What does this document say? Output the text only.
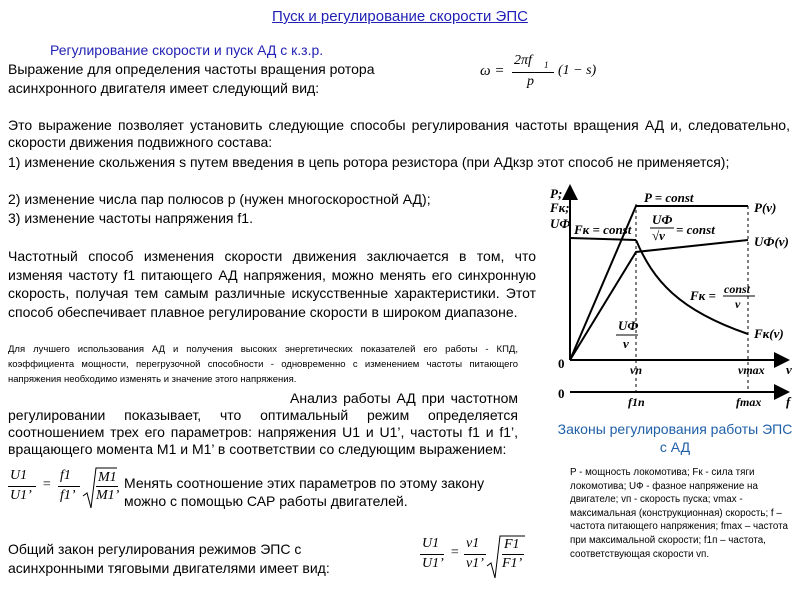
Пуск и регулирование скорости ЭПС
Регулирование скорости и пуск АД с к.з.р.
Выражение для определения частоты вращения ротора
асинхронного двигателя имеет следующий вид:
ω =
2πf 1
p
(1 − s)
Это выражение позволяет установить следующие способы регулирования частоты вращения АД и, следовательно, скорости движения подвижного состава:
1) изменение скольжения s путем введения в цепь ротора резистора (при АДкзр этот способ не применяется);
2) изменение числа пар полюсов p (нужен многоскоростной АД);
3) изменение частоты напряжения f1.
Частотный способ изменения скорости движения заключается в том, что изменяя частоту f1 питающего АД напряжения, можно менять его синхронную скорость, получая тем самым различные искусственные характеристики. Этот способ обеспечивает плавное регулирование скорости в широком диапазоне.
Для лучшего использования АД и получения высоких энергетических показателей его работы - КПД, коэффициента мощности, перегрузочной способности - одновременно с изменением частоты питающего напряжения необходимо изменять и значение этого напряжения.
Анализ работы АД при частотном регулировании показывает, что оптимальный режим определяется соотношением трех его параметров: напряжения U1 и U1’, частоты f1 и f1’, вращающего момента M1 и M1’ в соответствии со следующим выражением:
U1
U1’
=
f1
f1’
M1
M1’
Менять соотношение этих параметров по этому закону можно с помощью САР работы двигателей.
Общий закон регулирования режимов ЭПС с
асинхронными тяговыми двигателями имеет вид:
U1
U1’
=
v1
v1’
F1
F1’
P;
Fк;
UФ
P = const
P(v)
Fк = const
UФ
√v = const
UФ(v)
Fк = const
v
UФ
v
Fк(v)
0
0
vп	vmax v
f1п	fmax f
Законы регулирования работы ЭПС с АД
P - мощность локомотива; Fк - сила тяги локомотива; UФ - фазное напряжение на двигателе; vп - скорость пуска; vmax - максимальная (конструкционная) скорость; f – частота питающего напряжения; fmax – частота при максимальной скорости; f1п – частота, соответствующая скорости vп.
